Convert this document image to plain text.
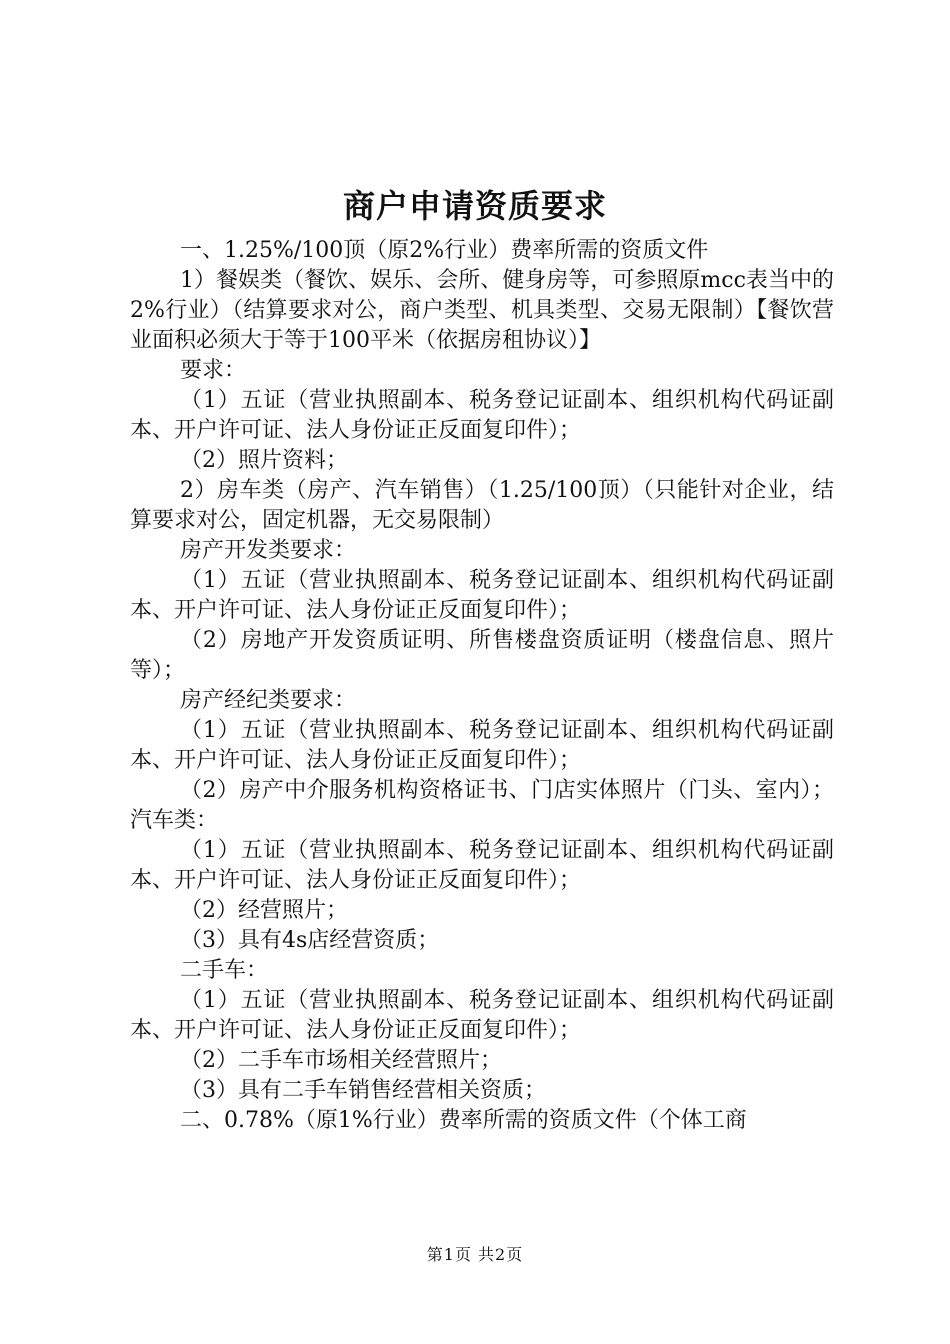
商户申请资质要求

一、1.25%/100顶（原2%行业）费率所需的资质文件

1）餐娱类（餐饮、娱乐、会所、健身房等，可参照原mcc表当中的2%行业）（结算要求对公，商户类型、机具类型、交易无限制）【餐饮营业面积必须大于等于100平米（依据房租协议）】

要求：

（1）五证（营业执照副本、税务登记证副本、组织机构代码证副本、开户许可证、法人身份证正反面复印件）；

（2）照片资料；

2）房车类（房产、汽车销售）（1.25/100顶）（只能针对企业，结算要求对公，固定机器，无交易限制）

房产开发类要求：

（1）五证（营业执照副本、税务登记证副本、组织机构代码证副本、开户许可证、法人身份证正反面复印件）；

（2）房地产开发资质证明、所售楼盘资质证明（楼盘信息、照片等）；

房产经纪类要求：

（1）五证（营业执照副本、税务登记证副本、组织机构代码证副本、开户许可证、法人身份证正反面复印件）；

（2）房产中介服务机构资格证书、门店实体照片（门头、室内）；汽车类：

（1）五证（营业执照副本、税务登记证副本、组织机构代码证副本、开户许可证、法人身份证正反面复印件）；

（2）经营照片；

（3）具有4s店经营资质；

二手车：

（1）五证（营业执照副本、税务登记证副本、组织机构代码证副本、开户许可证、法人身份证正反面复印件）；

（2）二手车市场相关经营照片；

（3）具有二手车销售经营相关资质；

二、0.78%（原1%行业）费率所需的资质文件（个体工商

第1页 共2页
